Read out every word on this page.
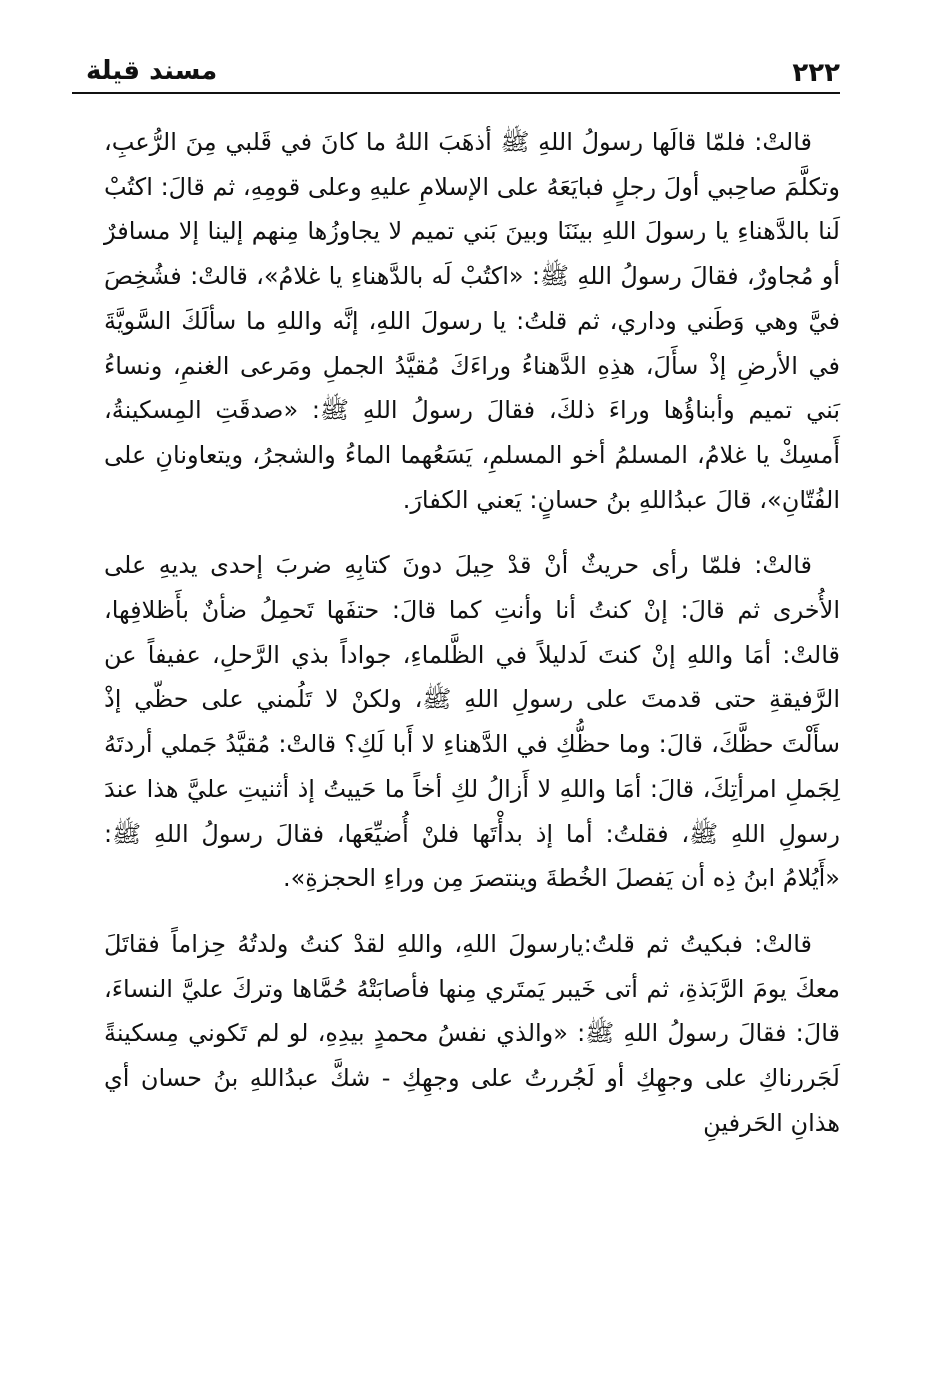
٢٢٢
مسند قيلة

قالتْ: فلمّا قالَها رسولُ اللهِ ﷺ أذهَبَ اللهُ ما كانَ في قَلبي مِنَ الرُّعبِ، وتكلَّمَ صاحِبي أولَ رجلٍ فبايَعَهُ على الإسلامِ عليهِ وعلى قومِهِ، ثم قالَ: اكتُبْ لَنا بالدَّهناءِ يا رسولَ اللهِ بينَنَا وبينَ بَني تميم لا يجاوزُها مِنهم إلينا إلا مسافرٌ أو مُجاورٌ، فقالَ رسولُ اللهِ ﷺ: «اكتُبْ لَه بالدَّهناءِ يا غلامُ»، قالتْ: فشُخِصَ فيَّ وهي وَطَني وداري، ثم قلتُ: يا رسولَ اللهِ، إنَّه واللهِ ما سألَكَ السَّويَّةَ في الأرضِ إذْ سأَلَ، هذِهِ الدَّهناءُ وراءَكَ مُقيَّدُ الجملِ ومَرعى الغنمِ، ونساءُ بَني تميم وأبناؤُها وراءَ ذلكَ، فقالَ رسولُ اللهِ ﷺ: «صدقَتِ المِسكينةُ، أَمسِكْ يا غلامُ، المسلمُ أخو المسلمِ، يَسَعُهما الماءُ والشجرُ، ويتعاونانِ على الفُتّانِ»، قالَ عبدُاللهِ بنُ حسانٍ: يَعني الكفارَ.

قالتْ: فلمّا رأى حريثٌ أنْ قدْ حِيلَ دونَ كتابِهِ ضربَ إحدى يديهِ على الأُخرى ثم قالَ: إنْ كنتُ أنا وأنتِ كما قالَ: حتفَها تَحمِلُ ضأنٌ بأَظلافِها، قالتْ: أمَا واللهِ إنْ كنتَ لَدليلاً في الظَّلماءِ، جواداً بذي الرَّحلِ، عفيفاً عن الرَّفيقةِ حتى قدمتَ على رسولِ اللهِ ﷺ، ولكنْ لا تَلُمني على حظّي إذْ سأَلْتَ حظَّكَ، قالَ: وما حظُّكِ في الدَّهناءِ لا أَبا لَكِ؟ قالتْ: مُقيَّدُ جَملي أردتَهُ لِجَملِ امرأتِكَ، قالَ: أمَا واللهِ لا أَزالُ لكِ أخاً ما حَييتُ إذ أثنيتِ عليَّ هذا عندَ رسولِ اللهِ ﷺ، فقلتُ: أما إذ بدأْتَها فلنْ أُضيِّعَها، فقالَ رسولُ اللهِ ﷺ: «أَيُلامُ ابنُ ذِه أن يَفصلَ الخُطةَ وينتصرَ مِن وراءِ الحجزةِ».

قالتْ: فبكيتُ ثم قلتُ:يارسولَ اللهِ، واللهِ لقدْ كنتُ ولدتُهُ حِزاماً فقاتَلَ معكَ يومَ الرَّبَذةِ، ثم أتى خَيبر يَمتَري مِنها فأصابَتْهُ حُمَّاها وتركَ عليَّ النساءَ، قالَ: فقالَ رسولُ اللهِ ﷺ: «والذي نفسُ محمدٍ بيدِهِ، لو لم تَكوني مِسكينةً لَجَررناكِ على وجهِكِ أو لَجُررتُ على وجهِكِ - شكَّ عبدُاللهِ بنُ حسان أي هذانِ الحَرفينِ
